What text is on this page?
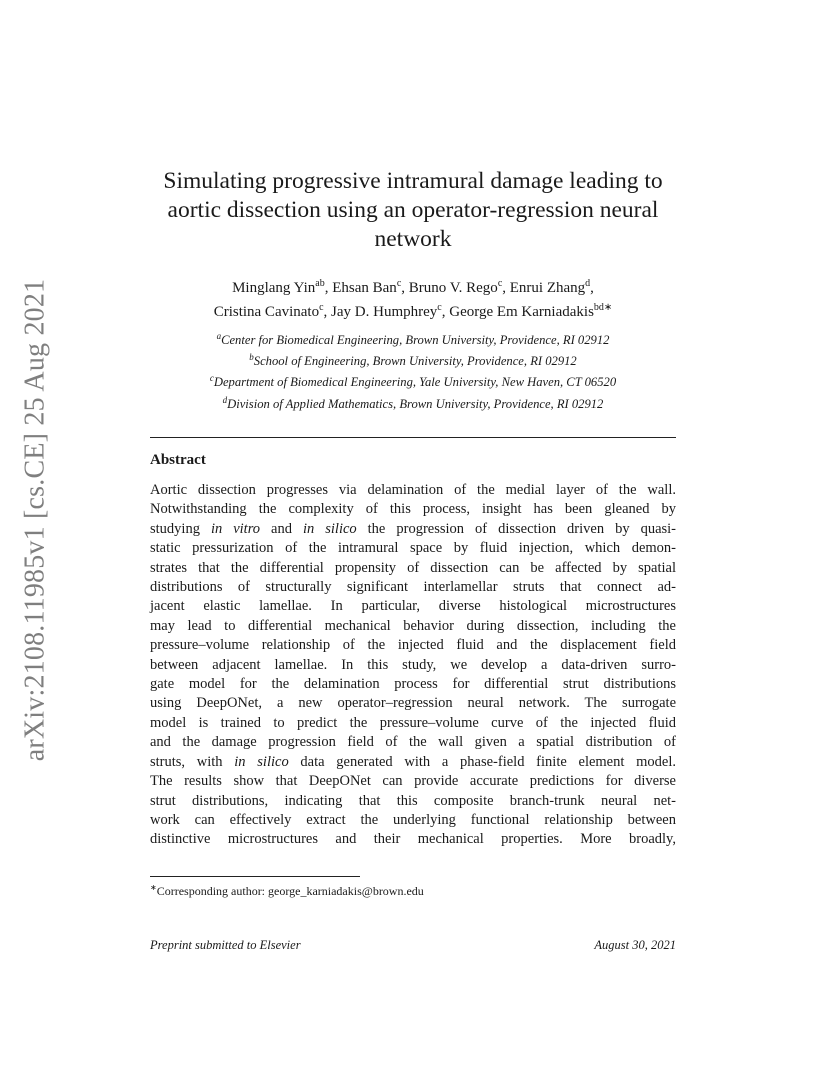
arXiv:2108.11985v1 [cs.CE] 25 Aug 2021
Simulating progressive intramural damage leading to
aortic dissection using an operator-regression neural
network
Minglang Yin$^{ab}$, Ehsan Ban$^c$, Bruno V. Rego$^c$, Enrui Zhang$^d$,
Cristina Cavinato$^c$, Jay D. Humphrey$^c$, George Em Karniadakis$^{bd∗}$
$^a$Center for Biomedical Engineering, Brown University, Providence, RI 02912
$^b$School of Engineering, Brown University, Providence, RI 02912
$^c$Department of Biomedical Engineering, Yale University, New Haven, CT 06520
$^d$Division of Applied Mathematics, Brown University, Providence, RI 02912
Abstract
Aortic dissection progresses via delamination of the medial layer of the wall.
Notwithstanding the complexity of this process, insight has been gleaned by
studying in vitro and in silico the progression of dissection driven by quasi-
static pressurization of the intramural space by fluid injection, which demon-
strates that the differential propensity of dissection can be affected by spatial
distributions of structurally significant interlamellar struts that connect ad-
jacent elastic lamellae. In particular, diverse histological microstructures
may lead to differential mechanical behavior during dissection, including the
pressure–volume relationship of the injected fluid and the displacement field
between adjacent lamellae. In this study, we develop a data-driven surro-
gate model for the delamination process for differential strut distributions
using DeepONet, a new operator–regression neural network. The surrogate
model is trained to predict the pressure–volume curve of the injected fluid
and the damage progression field of the wall given a spatial distribution of
struts, with in silico data generated with a phase-field finite element model.
The results show that DeepONet can provide accurate predictions for diverse
strut distributions, indicating that this composite branch-trunk neural net-
work can effectively extract the underlying functional relationship between
distinctive microstructures and their mechanical properties. More broadly,
∗Corresponding author: george_karniadakis@brown.edu
Preprint submitted to Elsevier	August 30, 2021
